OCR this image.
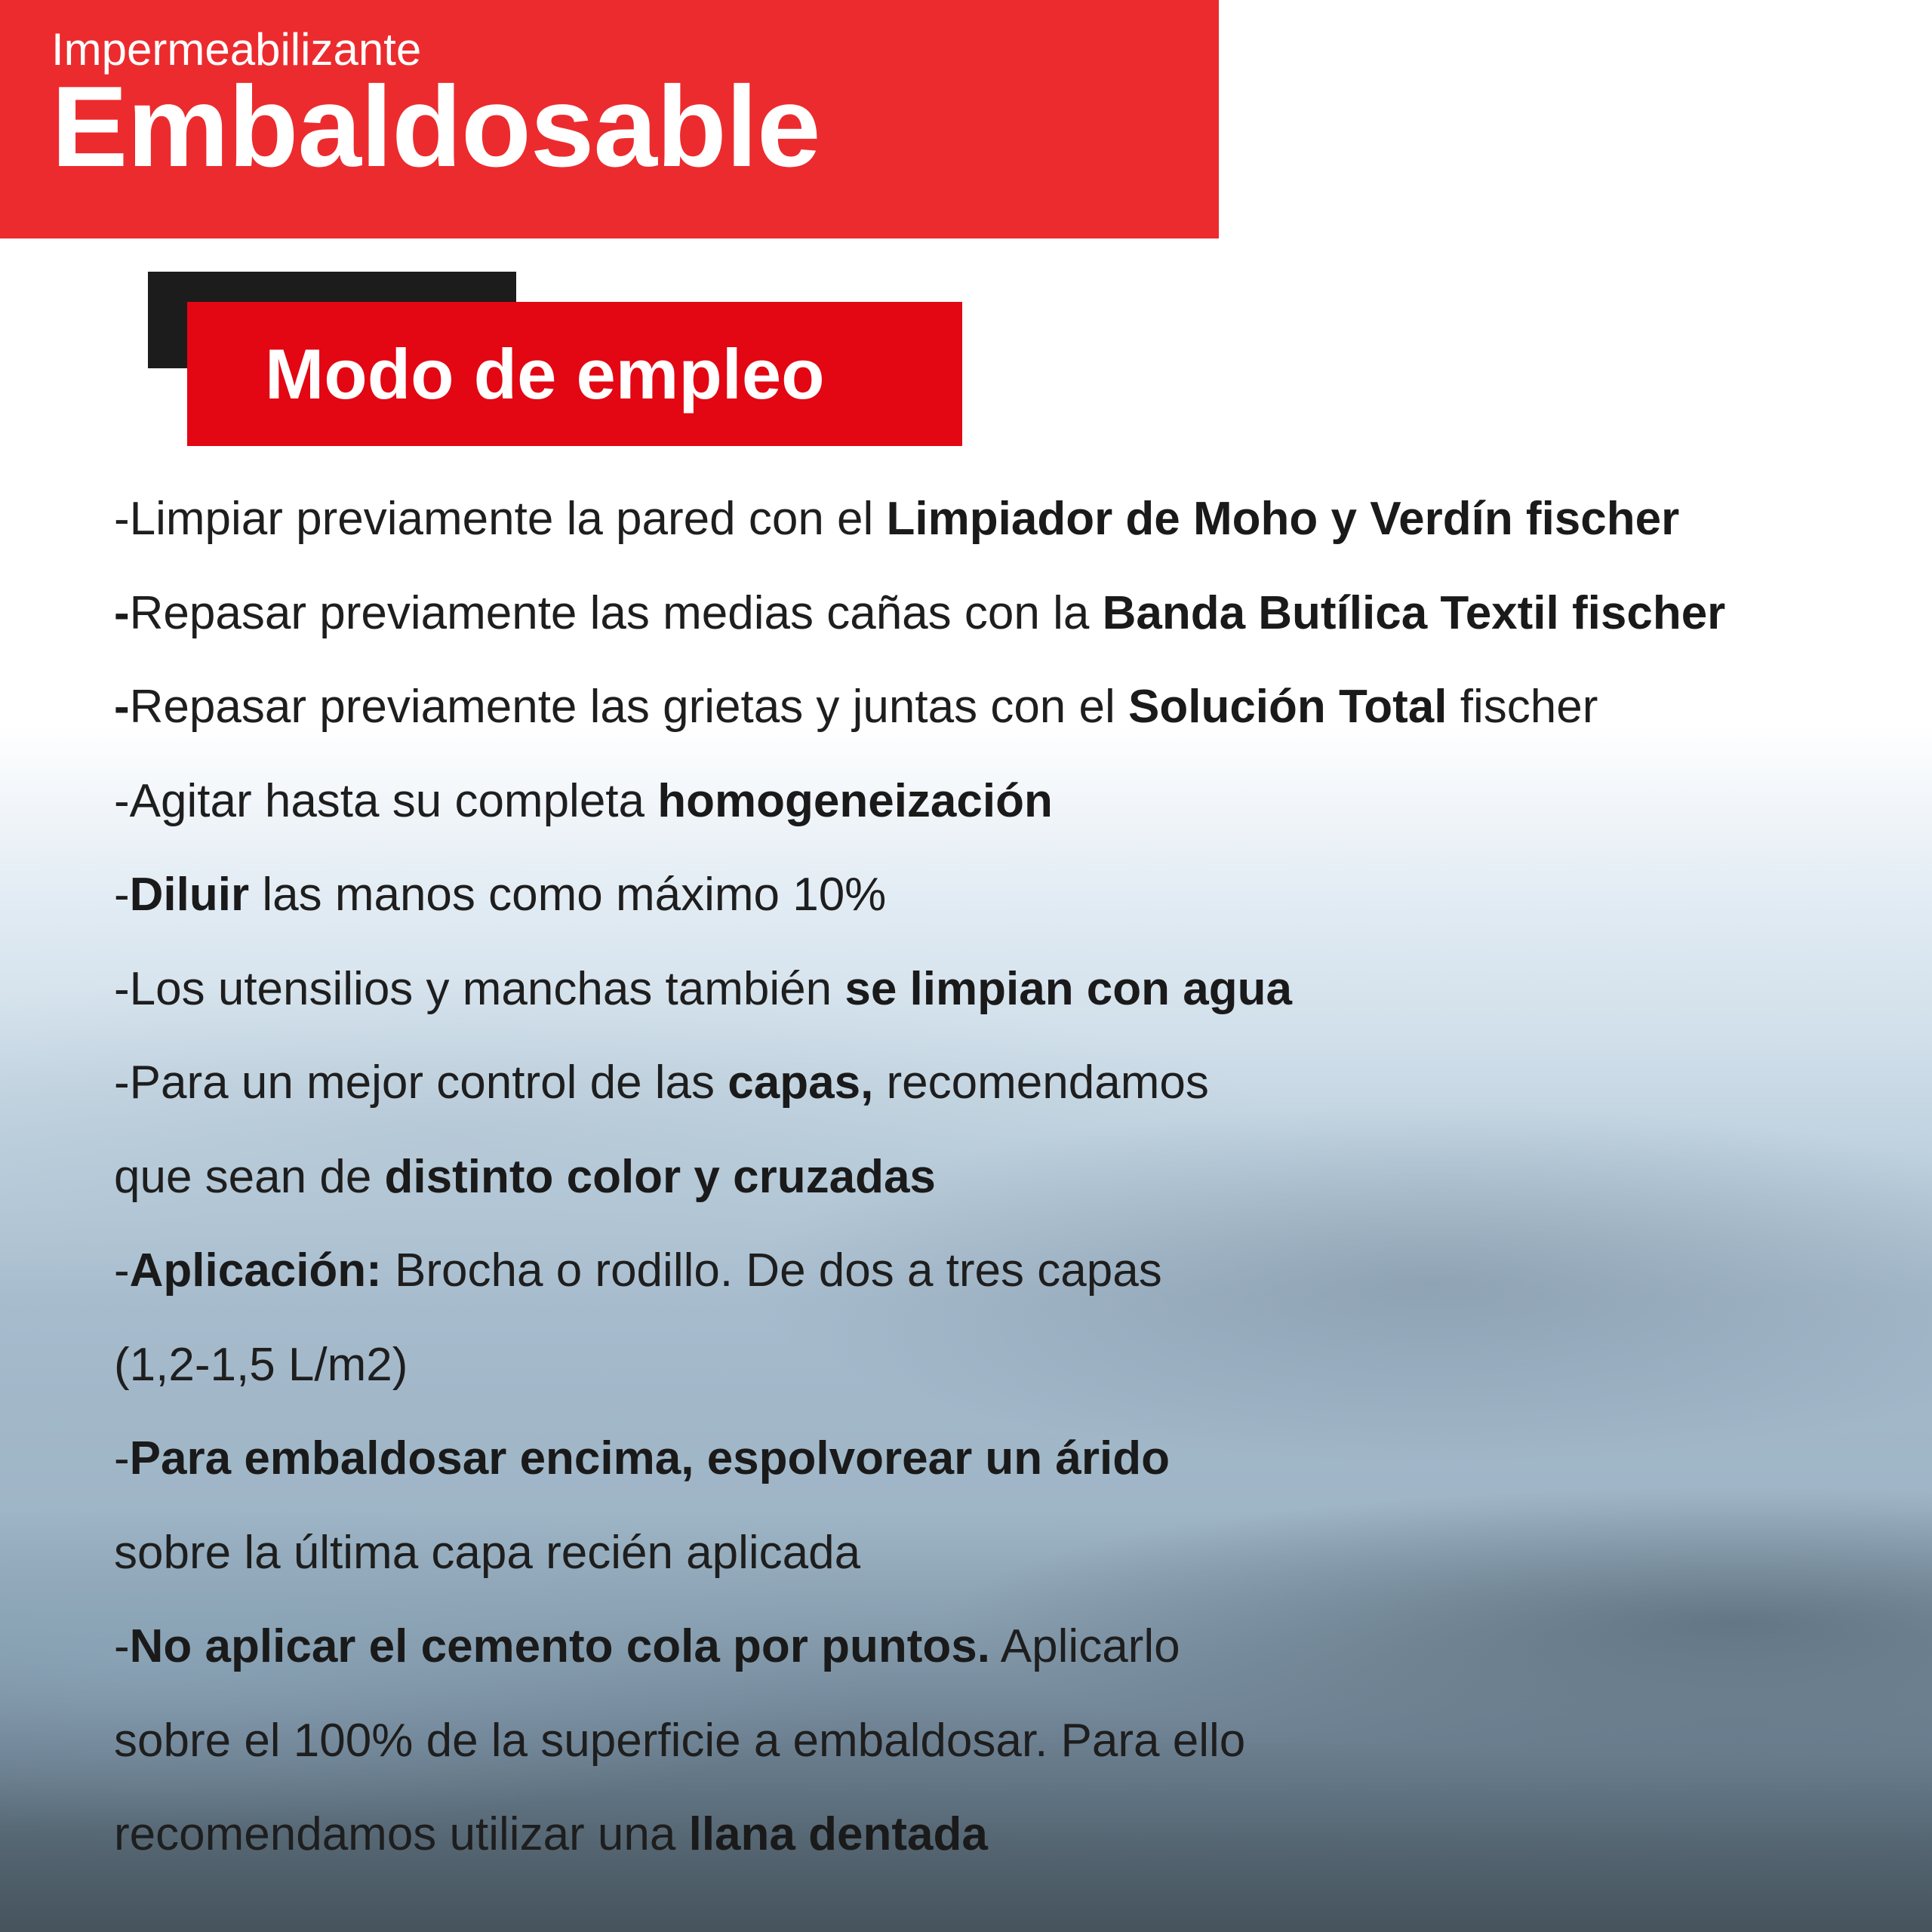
Impermeabilizante
Embaldosable
Modo de empleo
-Limpiar previamente la pared con el Limpiador de Moho y Verdín fischer
-Repasar previamente las medias cañas con la Banda Butílica Textil fischer
-Repasar previamente las grietas y juntas con el Solución Total fischer
-Agitar hasta su completa homogeneización
-Diluir las manos como máximo 10%
-Los utensilios y manchas también se limpian con agua
-Para un mejor control de las capas, recomendamos
que sean de distinto color y cruzadas
-Aplicación: Brocha o rodillo. De dos a tres capas
(1,2-1,5 L/m2)
-Para embaldosar encima, espolvorear un árido
sobre la última capa recién aplicada
-No aplicar el cemento cola por puntos. Aplicarlo
sobre el 100% de la superficie a embaldosar. Para ello
recomendamos utilizar una llana dentada
